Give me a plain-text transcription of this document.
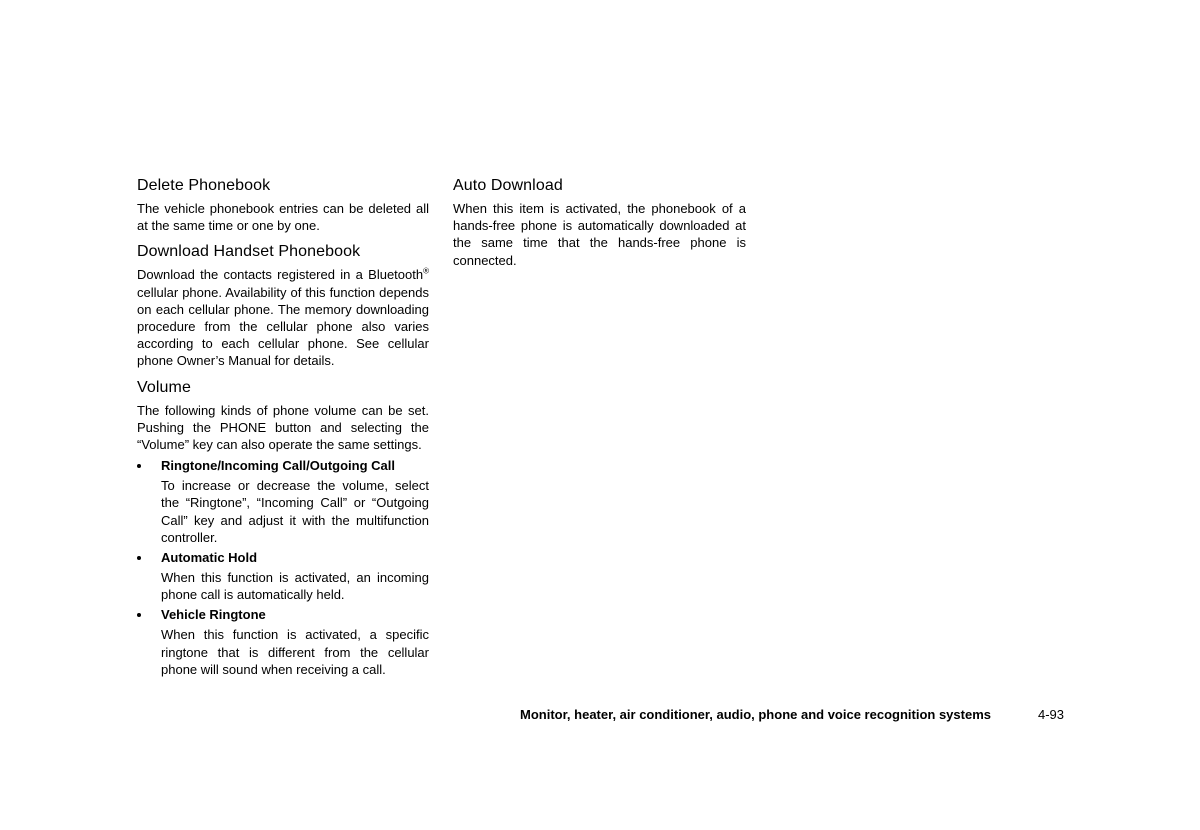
Delete Phonebook

The vehicle phonebook entries can be deleted all at the same time or one by one.

Download Handset Phonebook

Download the contacts registered in a Bluetooth® cellular phone. Availability of this function depends on each cellular phone. The memory downloading procedure from the cellular phone also varies according to each cellular phone. See cellular phone Owner’s Manual for details.

Volume

The following kinds of phone volume can be set. Pushing the PHONE button and selecting the “Volume” key can also operate the same settings.

Ringtone/Incoming Call/Outgoing Call

To increase or decrease the volume, select the “Ringtone”, “Incoming Call” or “Outgoing Call” key and adjust it with the multifunction controller.

Automatic Hold

When this function is activated, an incoming phone call is automatically held.

Vehicle Ringtone

When this function is activated, a specific ringtone that is different from the cellular phone will sound when receiving a call.

Auto Download

When this item is activated, the phonebook of a hands-free phone is automatically downloaded at the same time that the hands-free phone is connected.

Monitor, heater, air conditioner, audio, phone and voice recognition systems	4-93
